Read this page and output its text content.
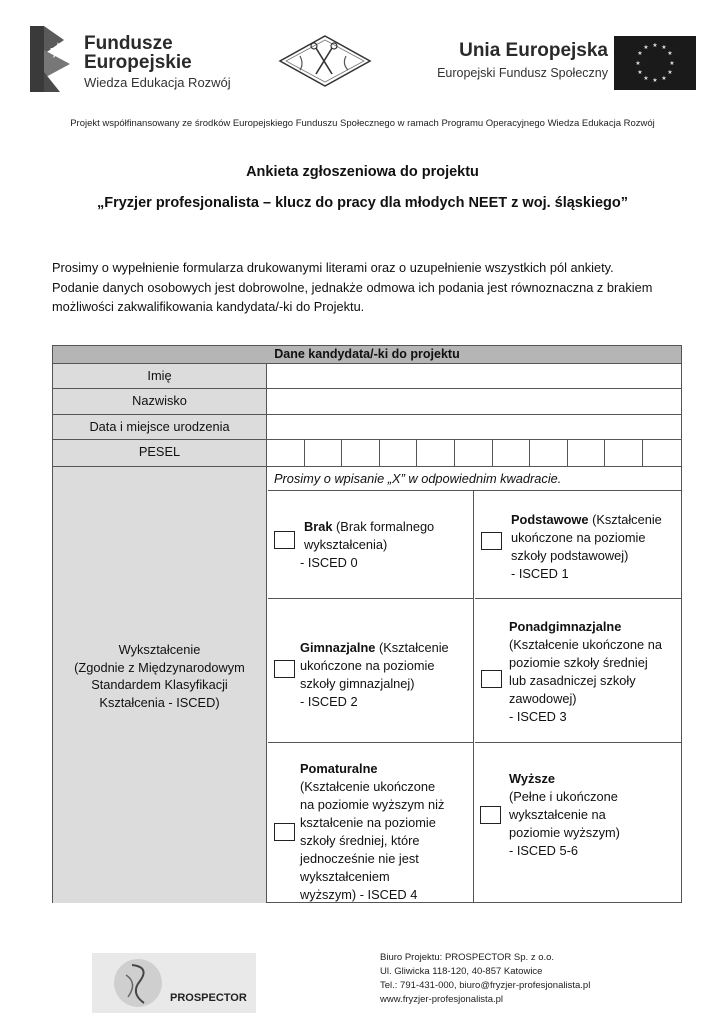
Fundusze
Europejskie
Wiedza Edukacja Rozwój
Unia Europejska
Europejski Fundusz Społeczny
★ ★
★
★
★
★
★
★
★
★
★
★
Projekt współfinansowany ze środków Europejskiego Funduszu Społecznego w ramach Programu Operacyjnego Wiedza Edukacja Rozwój
Ankieta zgłoszeniowa do projektu
„Fryzjer profesjonalista – klucz do pracy dla młodych NEET z woj. śląskiego”

Prosimy o wypełnienie formularza drukowanymi literami oraz o uzupełnienie wszystkich pól ankiety.

Podanie danych osobowych jest dobrowolne, jednakże odmowa ich podania jest równoznaczna z brakiem

możliwości zakwalifikowania kandydata/-ki do Projektu.

Dane kandydata/-ki do projektu
Imię
Nazwisko
Data i miejsce urodzenia
PESEL
Wykształcenie
(Zgodnie z Międzynarodowym
Standardem Klasyfikacji
Kształcenia - ISCED)
Prosimy o wpisanie „X” w odpowiednim kwadracie.
Brak (Brak formalnego
wykształcenia)
- ISCED 0
Podstawowe (Kształcenie
ukończone na poziomie
szkoły podstawowej)
- ISCED 1
Gimnazjalne (Kształcenie
ukończone na poziomie
szkoły gimnazjalnej)
- ISCED 2
Ponadgimnazjalne
(Kształcenie ukończone na
poziomie szkoły średniej
lub zasadniczej szkoły
zawodowej)
- ISCED 3
Pomaturalne
(Kształcenie ukończone
na poziomie wyższym niż
kształcenie na poziomie
szkoły średniej, które
jednocześnie nie jest
wykształceniem
wyższym) - ISCED 4
Wyższe
(Pełne i ukończone
wykształcenie na
poziomie wyższym)
- ISCED 5-6
PROSPECTOR

Biuro Projektu: PROSPECTOR Sp. z o.o.

Ul. Gliwicka 118-120, 40-857 Katowice

Tel.: 791-431-000, biuro@fryzjer-profesjonalista.pl

www.fryzjer-profesjonalista.pl
